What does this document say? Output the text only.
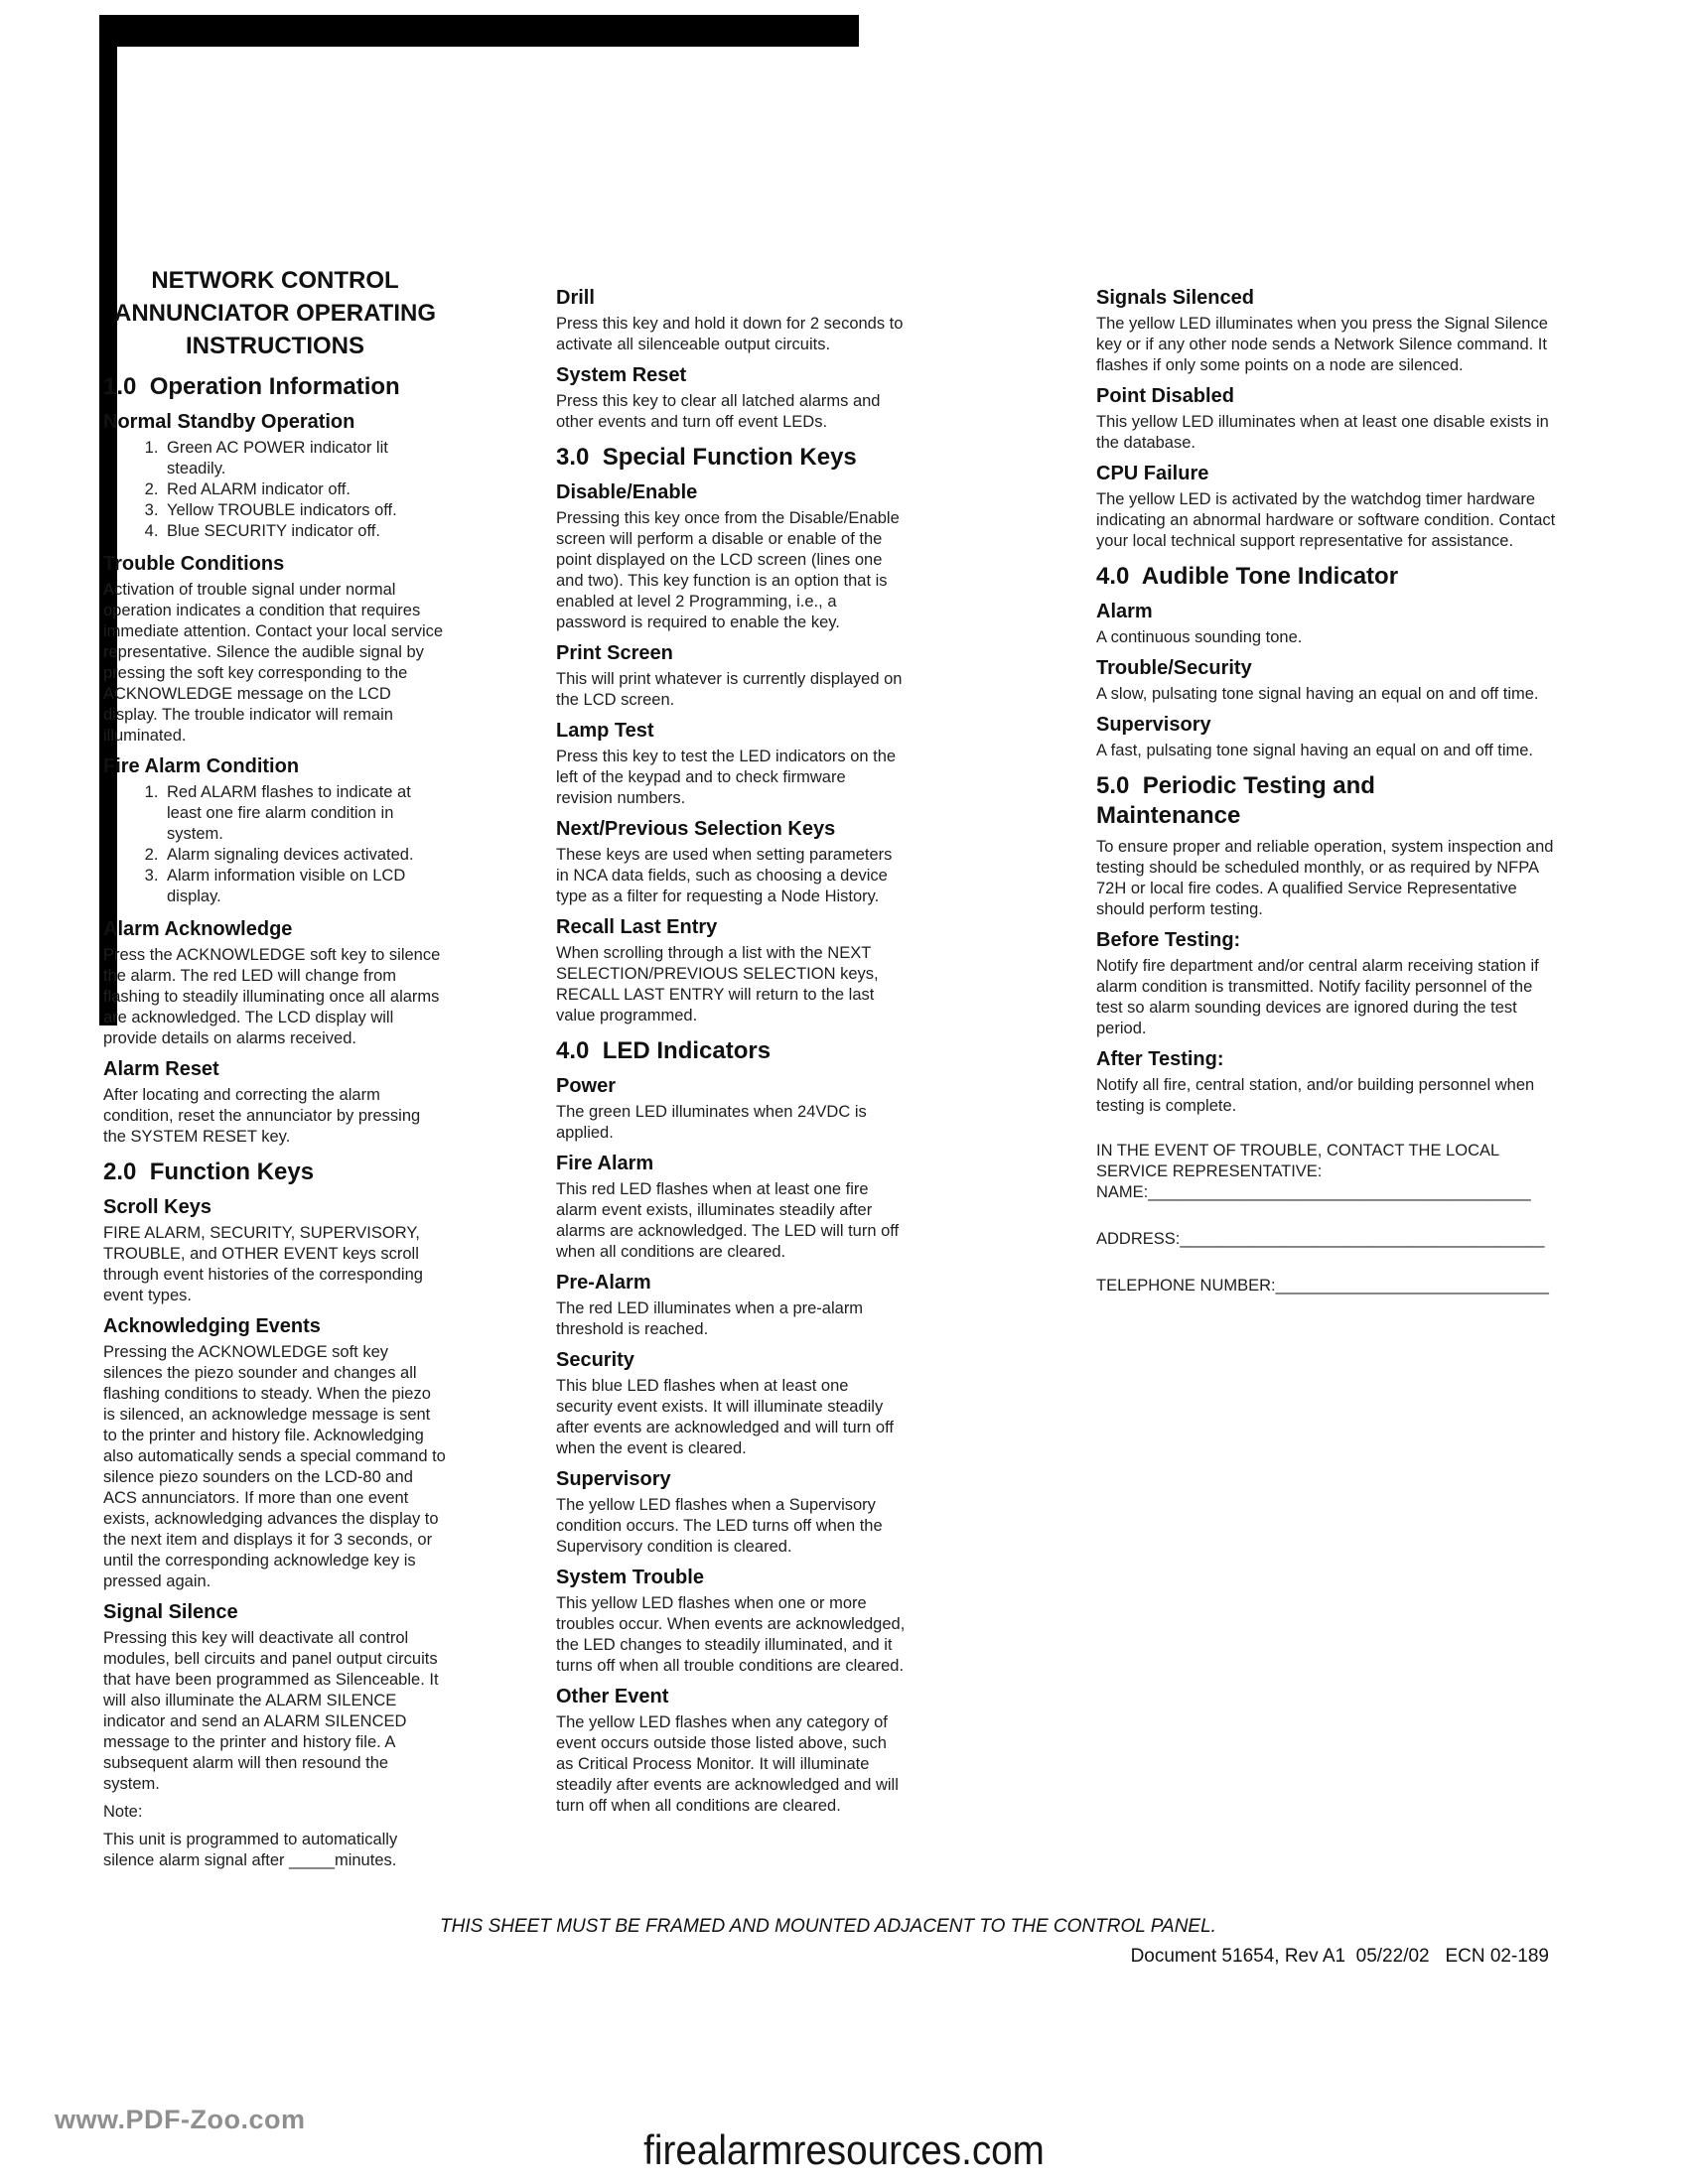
NETWORK CONTROL
ANNUNCIATOR OPERATING
INSTRUCTIONS
1.0  Operation Information
Normal Standby Operation
1. Green AC POWER indicator lit steadily.
2. Red ALARM indicator off.
3. Yellow TROUBLE indicators off.
4. Blue SECURITY indicator off.
Trouble Conditions

Activation of trouble signal under normal operation indicates a condition that requires immediate attention. Contact your local service representative. Silence the audible signal by pressing the soft key corresponding to the ACKNOWLEDGE message on the LCD display. The trouble indicator will remain illuminated.

Fire Alarm Condition
1. Red ALARM flashes to indicate at least one fire alarm condition in system.
2. Alarm signaling devices activated.
3. Alarm information visible on LCD display.
Alarm Acknowledge

Press the ACKNOWLEDGE soft key to silence the alarm. The red LED will change from flashing to steadily illuminating once all alarms are acknowledged. The LCD display will provide details on alarms received.

Alarm Reset

After locating and correcting the alarm condition, reset the annunciator by pressing the SYSTEM RESET key.

2.0  Function Keys
Scroll Keys

FIRE ALARM, SECURITY, SUPERVISORY, TROUBLE, and OTHER EVENT keys scroll through event histories of the corresponding event types.

Acknowledging Events

Pressing the ACKNOWLEDGE soft key silences the piezo sounder and changes all flashing conditions to steady. When the piezo is silenced, an acknowledge message is sent to the printer and history file. Acknowledging also automatically sends a special command to silence piezo sounders on the LCD-80 and ACS annunciators. If more than one event exists, acknowledging advances the display to the next item and displays it for 3 seconds, or until the corresponding acknowledge key is pressed again.

Signal Silence

Pressing this key will deactivate all control modules, bell circuits and panel output circuits that have been programmed as Silenceable. It will also illuminate the ALARM SILENCE indicator and send an ALARM SILENCED message to the printer and history file. A subsequent alarm will then resound the system.

Note:

This unit is programmed to automatically silence alarm signal after _____minutes.

Drill

Press this key and hold it down for 2 seconds to activate all silenceable output circuits.

System Reset

Press this key to clear all latched alarms and other events and turn off event LEDs.

3.0  Special Function Keys
Disable/Enable

Pressing this key once from the Disable/Enable screen will perform a disable or enable of the point displayed on the LCD screen (lines one and two). This key function is an option that is enabled at level 2 Programming, i.e., a password is required to enable the key.

Print Screen

This will print whatever is currently displayed on the LCD screen.

Lamp Test

Press this key to test the LED indicators on the left of the keypad and to check firmware revision numbers.

Next/Previous Selection Keys

These keys are used when setting parameters in NCA data fields, such as choosing a device type as a filter for requesting a Node History.

Recall Last Entry

When scrolling through a list with the NEXT SELECTION/PREVIOUS SELECTION keys, RECALL LAST ENTRY will return to the last value programmed.

4.0  LED Indicators
Power

The green LED illuminates when 24VDC is applied.

Fire Alarm

This red LED flashes when at least one fire alarm event exists, illuminates steadily after alarms are acknowledged. The LED will turn off when all conditions are cleared.

Pre-Alarm

The red LED illuminates when a pre-alarm threshold is reached.

Security

This blue LED flashes when at least one security event exists. It will illuminate steadily after events are acknowledged and will turn off when the event is cleared.

Supervisory

The yellow LED flashes when a Supervisory condition occurs. The LED turns off when the Supervisory condition is cleared.

System Trouble

This yellow LED flashes when one or more troubles occur. When events are acknowledged, the LED changes to steadily illuminated, and it turns off when all trouble conditions are cleared.

Other Event

The yellow LED flashes when any category of event occurs outside those listed above, such as Critical Process Monitor. It will illuminate steadily after events are acknowledged and will turn off when all conditions are cleared.

Signals Silenced

The yellow LED illuminates when you press the Signal Silence key or if any other node sends a Network Silence command. It flashes if only some points on a node are silenced.

Point Disabled

This yellow LED illuminates when at least one disable exists in the database.

CPU Failure

The yellow LED is activated by the watchdog timer hardware indicating an abnormal hardware or software condition. Contact your local technical support representative for assistance.

4.0  Audible Tone Indicator
Alarm

A continuous sounding tone.

Trouble/Security

A slow, pulsating tone signal having an equal on and off time.

Supervisory

A fast, pulsating tone signal having an equal on and off time.

5.0  Periodic Testing and Maintenance

To ensure proper and reliable operation, system inspection and testing should be scheduled monthly, or as required by NFPA 72H or local fire codes. A qualified Service Representative should perform testing.

Before Testing:

Notify fire department and/or central alarm receiving station if alarm condition is transmitted. Notify facility personnel of the test so alarm sounding devices are ignored during the test period.

After Testing:

Notify all fire, central station, and/or building personnel when testing is complete.

IN THE EVENT OF TROUBLE, CONTACT THE LOCAL SERVICE REPRESENTATIVE:
NAME:__________________________________________
ADDRESS:________________________________________
TELEPHONE NUMBER:______________________________
THIS SHEET MUST BE FRAMED AND MOUNTED ADJACENT TO THE CONTROL PANEL.
Document 51654, Rev A1  05/22/02   ECN 02-189
www.PDF-Zoo.com
firealarmresources.com
